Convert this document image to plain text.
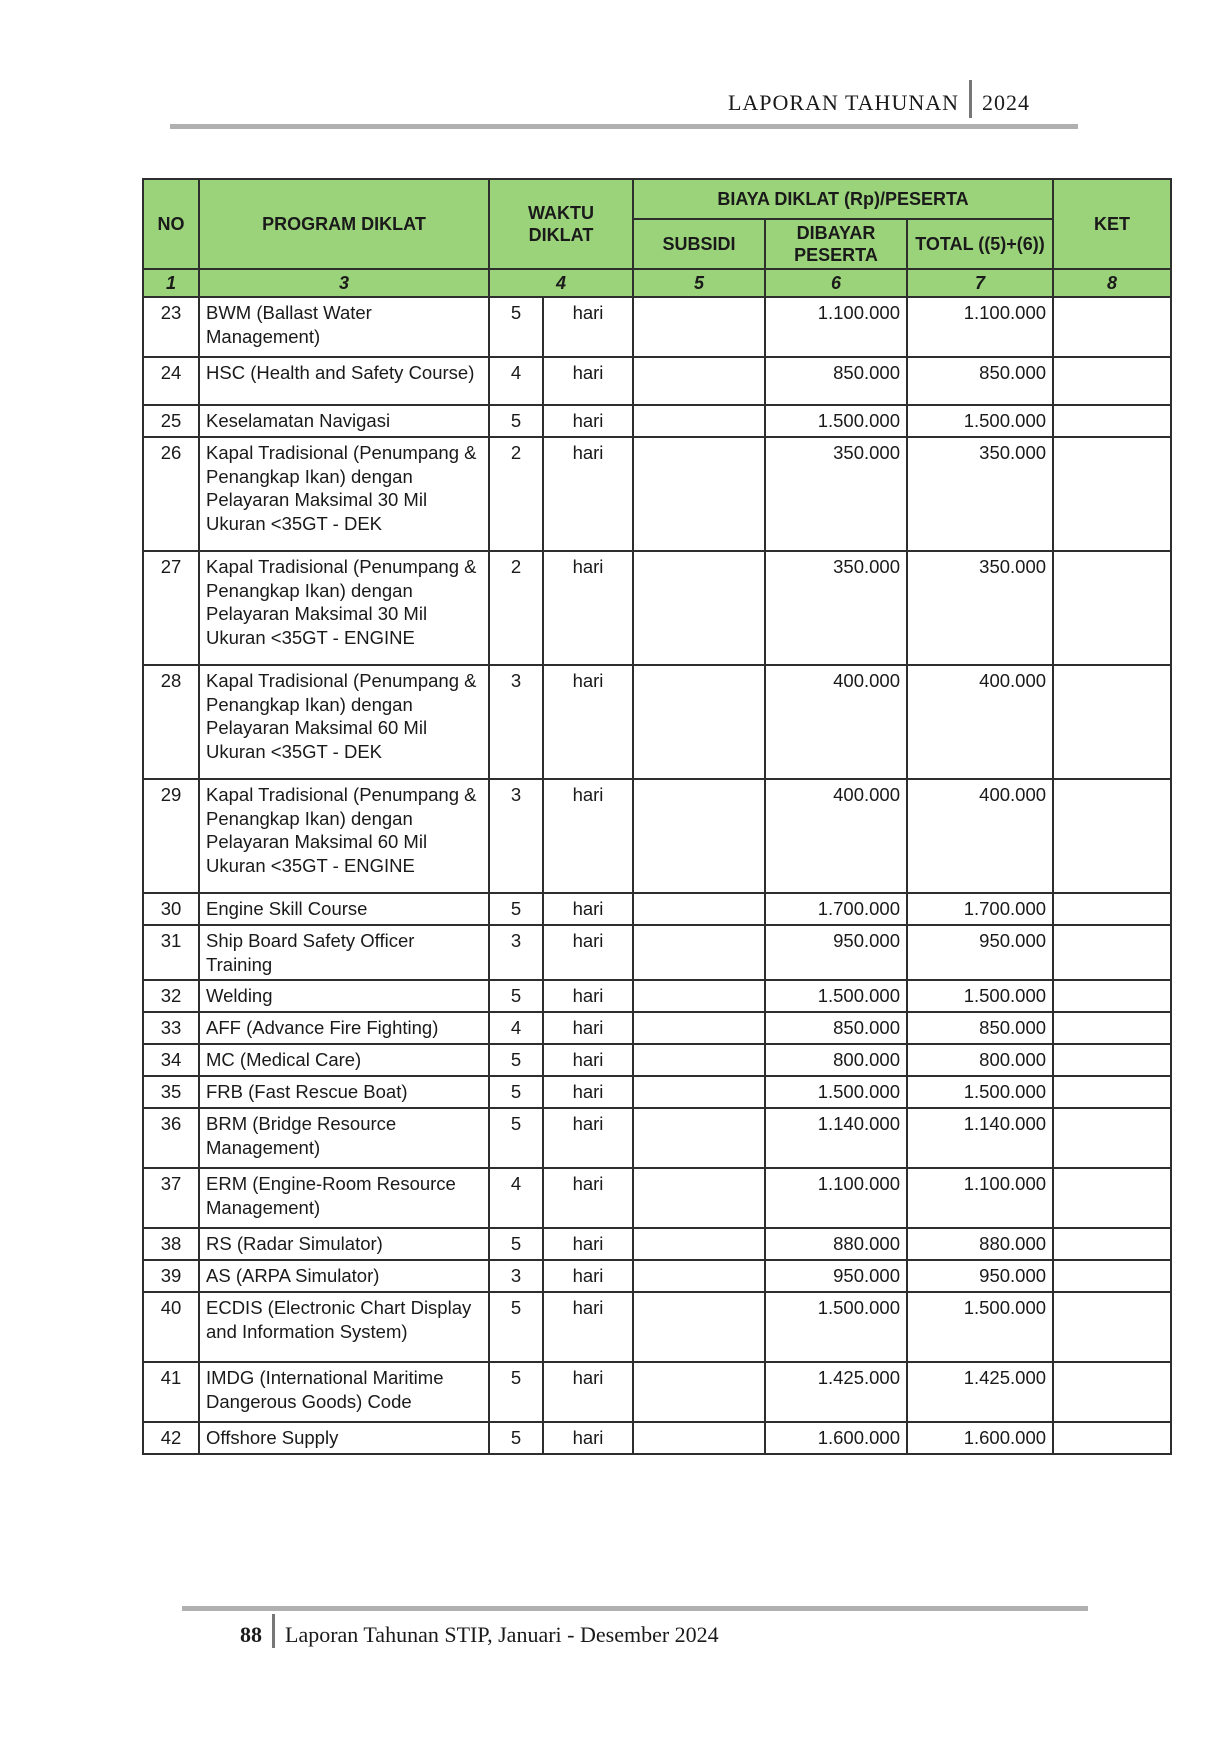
LAPORAN TAHUNAN 2024
NO	PROGRAM DIKLAT	WAKTU DIKLAT		BIAYA DIKLAT (Rp)/PESERTA			KET
				SUBSIDI	DIBAYAR PESERTA	TOTAL ((5)+(6))	
1	3	4		5	6	7	8
23	BWM (Ballast Water Management)	5	hari		1.100.000	1.100.000	
24	HSC (Health and Safety Course)	4	hari		850.000	850.000	
25	Keselamatan Navigasi	5	hari		1.500.000	1.500.000	
26	Kapal Tradisional (Penumpang & Penangkap Ikan) dengan Pelayaran Maksimal 30 Mil Ukuran <35GT - DEK	2	hari		350.000	350.000	
27	Kapal Tradisional (Penumpang & Penangkap Ikan) dengan Pelayaran Maksimal 30 Mil Ukuran <35GT - ENGINE	2	hari		350.000	350.000	
28	Kapal Tradisional (Penumpang & Penangkap Ikan) dengan Pelayaran Maksimal 60 Mil Ukuran <35GT - DEK	3	hari		400.000	400.000	
29	Kapal Tradisional (Penumpang & Penangkap Ikan) dengan Pelayaran Maksimal 60 Mil Ukuran <35GT - ENGINE	3	hari		400.000	400.000	
30	Engine Skill Course	5	hari		1.700.000	1.700.000	
31	Ship Board Safety Officer Training	3	hari		950.000	950.000	
32	Welding	5	hari		1.500.000	1.500.000	
33	AFF (Advance Fire Fighting)	4	hari		850.000	850.000	
34	MC (Medical Care)	5	hari		800.000	800.000	
35	FRB (Fast Rescue Boat)	5	hari		1.500.000	1.500.000	
36	BRM (Bridge Resource Management)	5	hari		1.140.000	1.140.000	
37	ERM (Engine-Room Resource Management)	4	hari		1.100.000	1.100.000	
38	RS (Radar Simulator)	5	hari		880.000	880.000	
39	AS (ARPA Simulator)	3	hari		950.000	950.000	
40	ECDIS (Electronic Chart Display and Information System)	5	hari		1.500.000	1.500.000	
41	IMDG (International Maritime Dangerous Goods) Code	5	hari		1.425.000	1.425.000	
42	Offshore Supply	5	hari		1.600.000	1.600.000	
88 Laporan Tahunan STIP, Januari - Desember 2024
